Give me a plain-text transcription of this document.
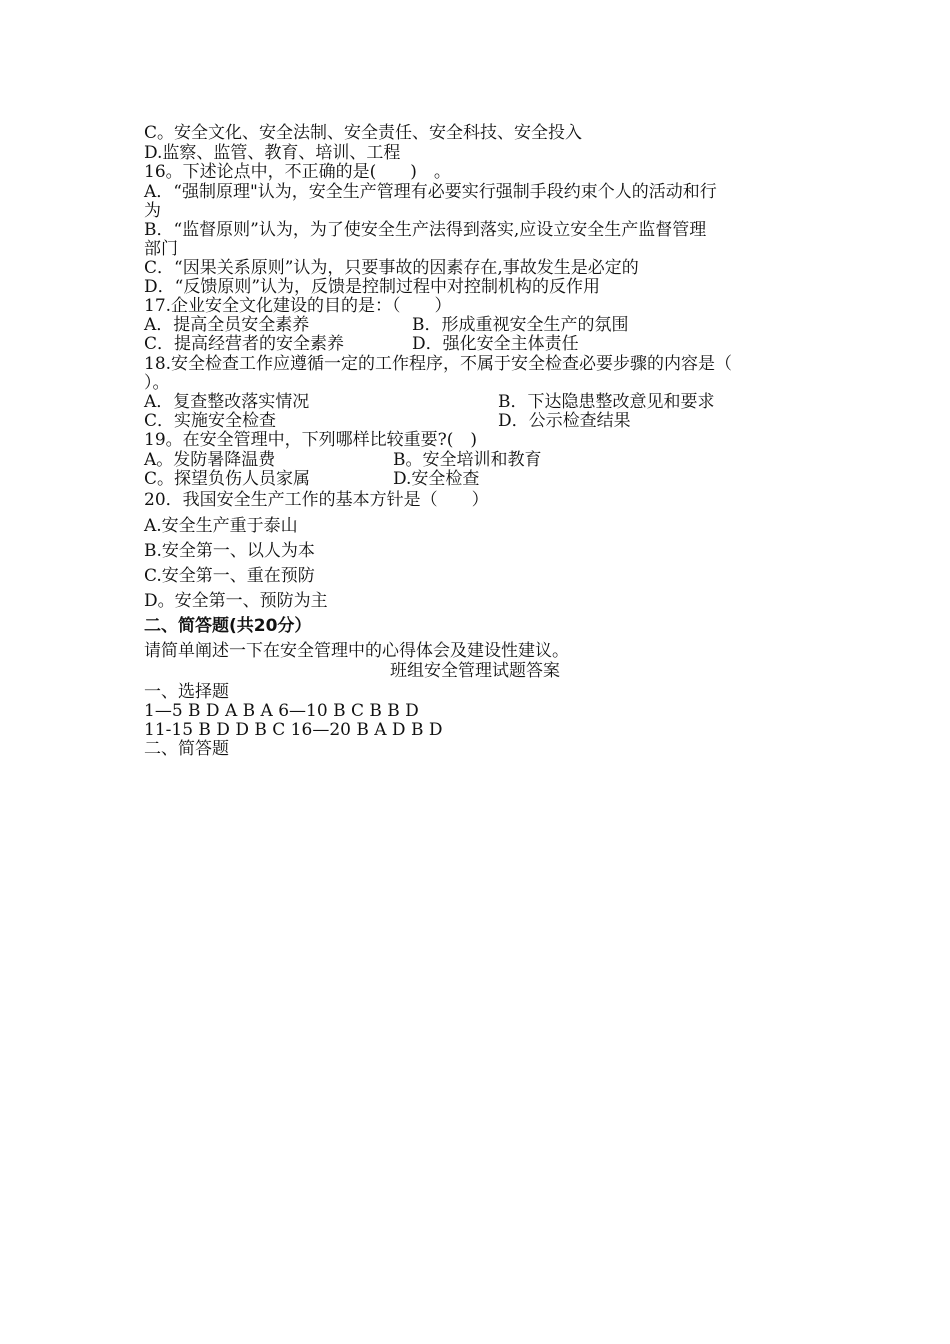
C。安全文化、安全法制、安全责任、安全科技、安全投入
D.监察、监管、教育、培训、工程
16。下述论点中，不正确的是(　　)　。
A．“强制原理"认为，安全生产管理有必要实行强制手段约束个人的活动和行
为
B．“监督原则”认为，为了使安全生产法得到落实,应设立安全生产监督管理
部门
C．“因果关系原则”认为，只要事故的因素存在,事故发生是必定的
D．“反馈原则”认为，反馈是控制过程中对控制机构的反作用
17.企业安全文化建设的目的是：（　　）
A．提高全员安全素养	B．形成重视安全生产的氛围
C．提高经营者的安全素养	D．强化安全主体责任
18.安全检查工作应遵循一定的工作程序，不属于安全检查必要步骤的内容是（
）。
A．复查整改落实情况	B．下达隐患整改意见和要求
C．实施安全检查	D．公示检查结果
19。在安全管理中，下列哪样比较重要?(　)
A。发防暑降温费	B。安全培训和教育
C。探望负伤人员家属	D.安全检查
20．我国安全生产工作的基本方针是（　　）
A.安全生产重于泰山
B.安全第一、以人为本
C.安全第一、重在预防
D。安全第一、预防为主
二、简答题(共20分）
请简单阐述一下在安全管理中的心得体会及建设性建议。
班组安全管理试题答案
一、选择题
1—5 B D A B A 6—10 B C B B D
11-15 B D D B C 16—20 B A D B D
二、简答题
